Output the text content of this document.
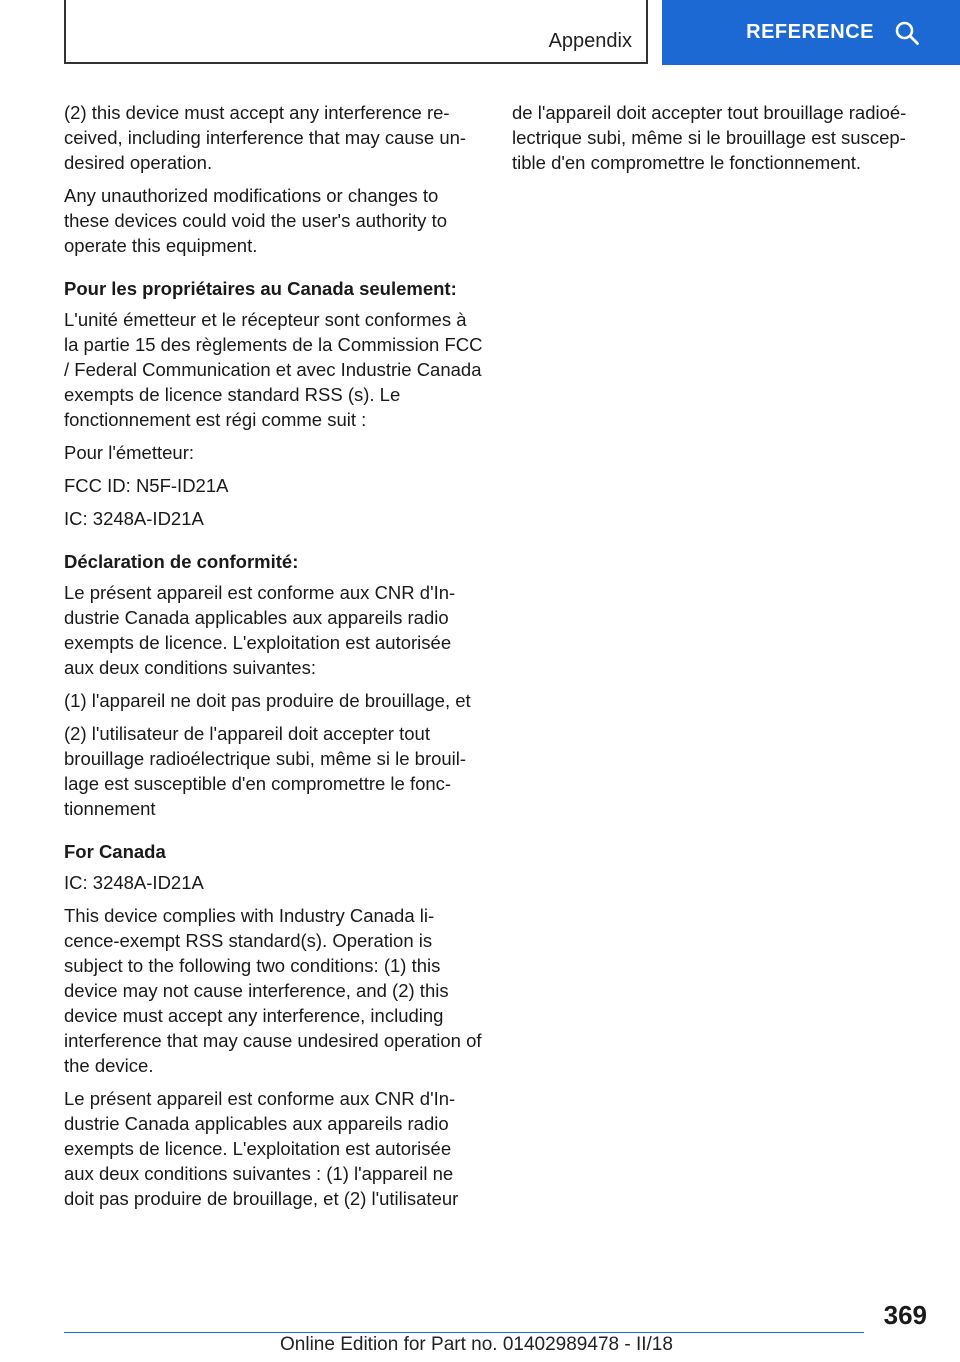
Appendix	REFERENCE

(2) this device must accept any interference re-ceived, including interference that may cause un-desired operation.

Any unauthorized modifications or changes to these devices could void the user's authority to operate this equipment.

Pour les propriétaires au Canada seulement:

L'unité émetteur et le récepteur sont conformes à la partie 15 des règlements de la Commission FCC / Federal Communication et avec Industrie Canada exempts de licence standard RSS (s). Le fonctionnement est régi comme suit :

Pour l'émetteur:

FCC ID: N5F-ID21A

IC: 3248A-ID21A

Déclaration de conformité:

Le présent appareil est conforme aux CNR d'In-dustrie Canada applicables aux appareils radio exempts de licence. L'exploitation est autorisée aux deux conditions suivantes:

(1) l'appareil ne doit pas produire de brouillage, et

(2) l'utilisateur de l'appareil doit accepter tout brouillage radioélectrique subi, même si le brouil-lage est susceptible d'en compromettre le fonc-tionnement

For Canada

IC: 3248A-ID21A

This device complies with Industry Canada li-cence-exempt RSS standard(s). Operation is subject to the following two conditions: (1) this device may not cause interference, and (2) this device must accept any interference, including interference that may cause undesired operation of the device.

Le présent appareil est conforme aux CNR d'In-dustrie Canada applicables aux appareils radio exempts de licence. L'exploitation est autorisée aux deux conditions suivantes : (1) l'appareil ne doit pas produire de brouillage, et (2) l'utilisateur

de l'appareil doit accepter tout brouillage radioé-lectrique subi, même si le brouillage est suscep-tible d'en compromettre le fonctionnement.

369
Online Edition for Part no. 01402989478 - II/18
